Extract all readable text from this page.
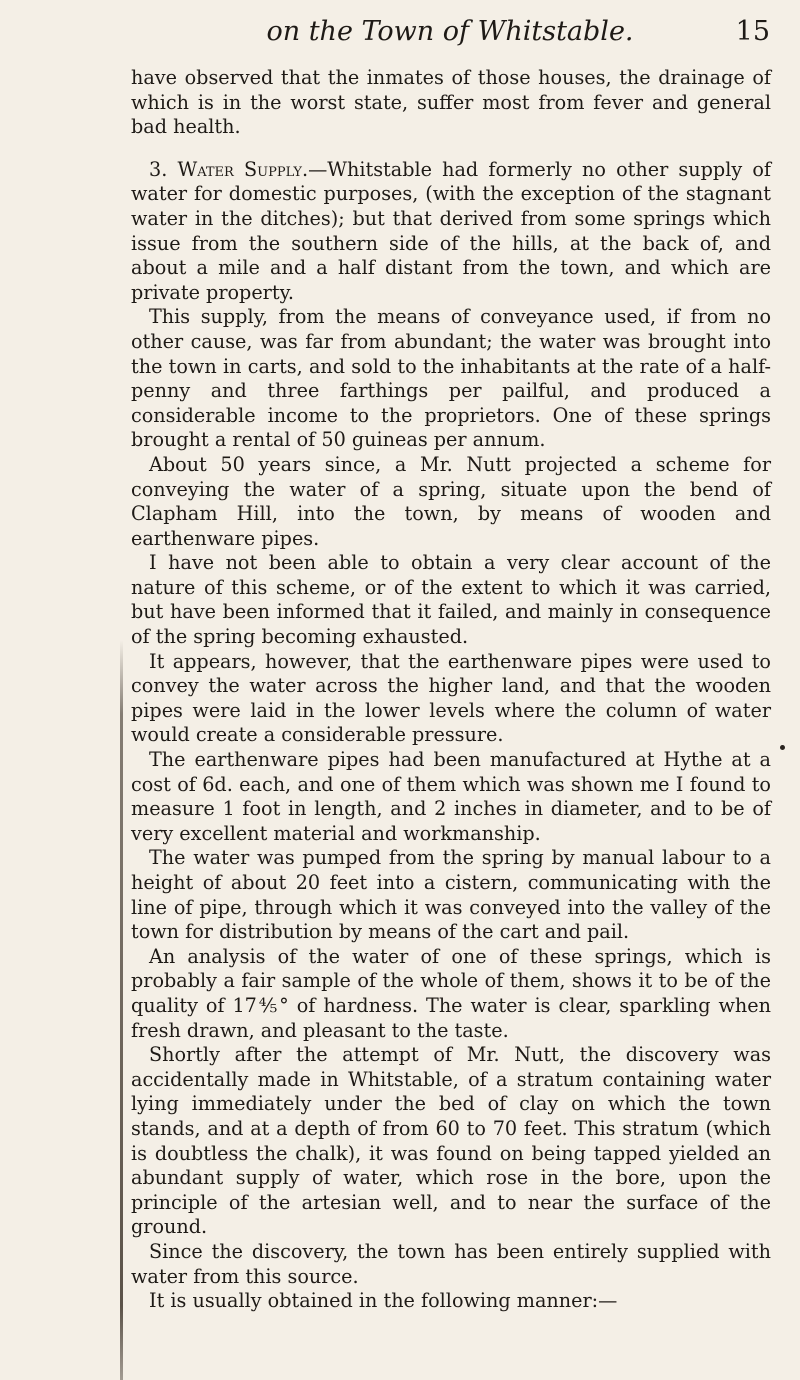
on the Town of Whitstable.	15

have observed that the inmates of those houses, the drainage of which is in the worst state, suffer most from fever and general bad health.

3. Water Supply.—Whitstable had formerly no other supply of water for domestic purposes, (with the exception of the stagnant water in the ditches); but that derived from some springs which issue from the southern side of the hills, at the back of, and about a mile and a half distant from the town, and which are private property.

This supply, from the means of conveyance used, if from no other cause, was far from abundant; the water was brought into the town in carts, and sold to the inhabitants at the rate of a half-penny and three farthings per pailful, and produced a considerable income to the proprietors. One of these springs brought a rental of 50 guineas per annum.

About 50 years since, a Mr. Nutt projected a scheme for conveying the water of a spring, situate upon the bend of Clapham Hill, into the town, by means of wooden and earthenware pipes.

I have not been able to obtain a very clear account of the nature of this scheme, or of the extent to which it was carried, but have been informed that it failed, and mainly in consequence of the spring becoming exhausted.

It appears, however, that the earthenware pipes were used to convey the water across the higher land, and that the wooden pipes were laid in the lower levels where the column of water would create a considerable pressure.

The earthenware pipes had been manufactured at Hythe at a cost of 6d. each, and one of them which was shown me I found to measure 1 foot in length, and 2 inches in diameter, and to be of very excellent material and workmanship.

The water was pumped from the spring by manual labour to a height of about 20 feet into a cistern, communicating with the line of pipe, through which it was conveyed into the valley of the town for distribution by means of the cart and pail.

An analysis of the water of one of these springs, which is probably a fair sample of the whole of them, shows it to be of the quality of 17⅘° of hardness. The water is clear, sparkling when fresh drawn, and pleasant to the taste.

Shortly after the attempt of Mr. Nutt, the discovery was accidentally made in Whitstable, of a stratum containing water lying immediately under the bed of clay on which the town stands, and at a depth of from 60 to 70 feet. This stratum (which is doubtless the chalk), it was found on being tapped yielded an abundant supply of water, which rose in the bore, upon the principle of the artesian well, and to near the surface of the ground.

Since the discovery, the town has been entirely supplied with water from this source.

It is usually obtained in the following manner:—
